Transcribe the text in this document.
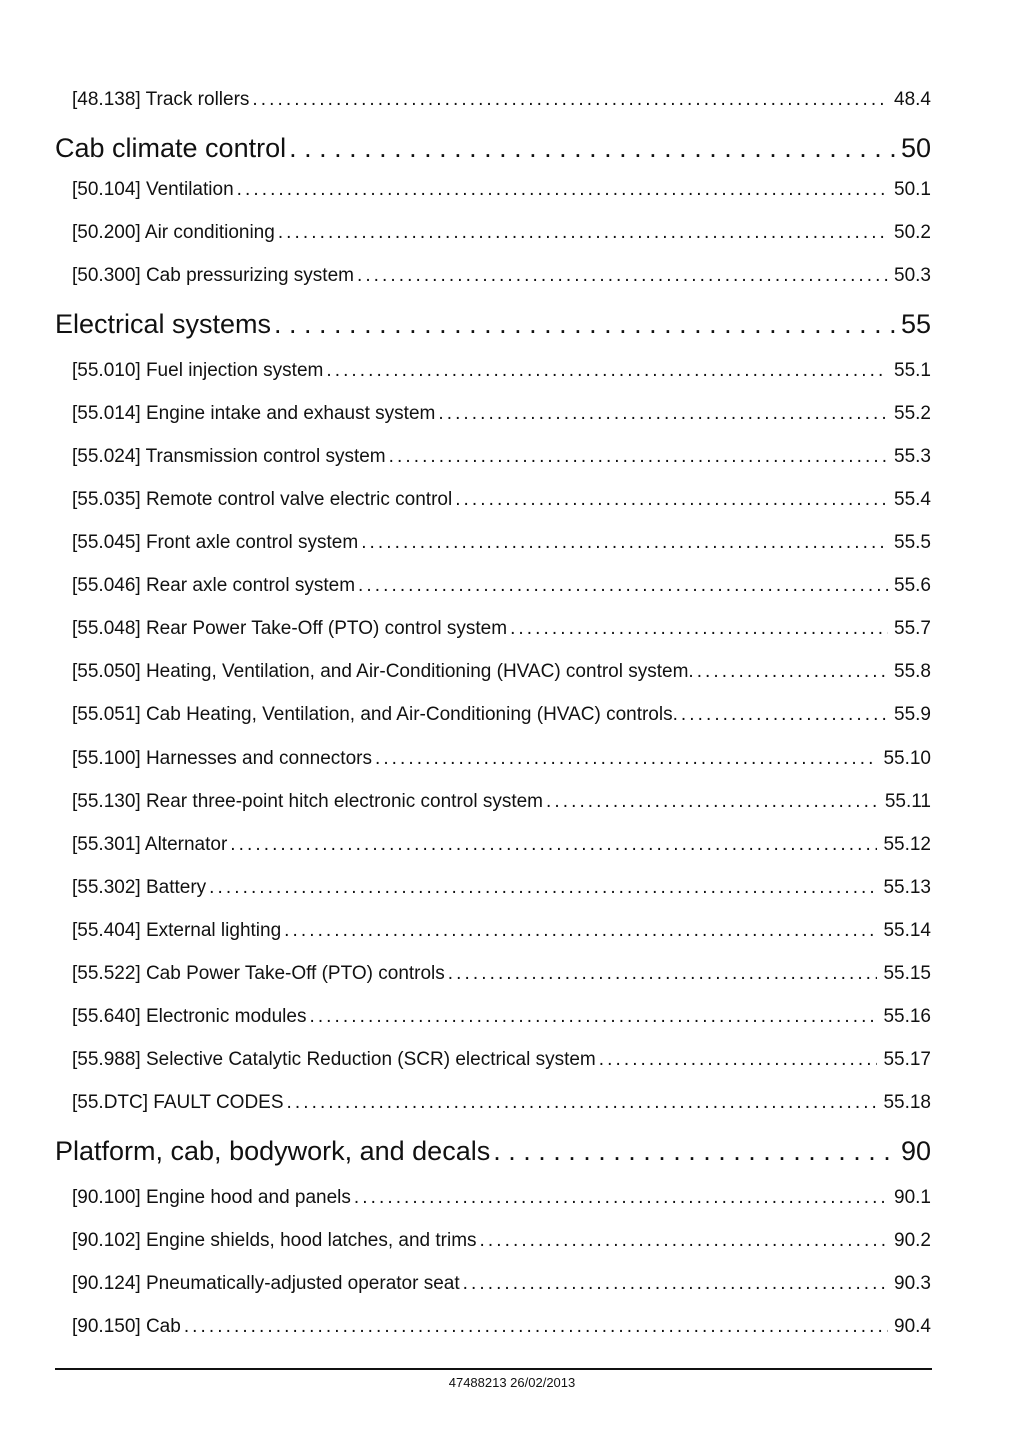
[48.138] Track rollers . . .	48.4
Cab climate control . . .	50
[50.104] Ventilation . . .	50.1
[50.200] Air conditioning . . .	50.2
[50.300] Cab pressurizing system . . .	50.3
Electrical systems . . .	55
[55.010] Fuel injection system . . .	55.1
[55.014] Engine intake and exhaust system . . .	55.2
[55.024] Transmission control system . . .	55.3
[55.035] Remote control valve electric control . . .	55.4
[55.045] Front axle control system . . .	55.5
[55.046] Rear axle control system . . .	55.6
[55.048] Rear Power Take-Off (PTO) control system . . .	55.7
[55.050] Heating, Ventilation, and Air-Conditioning (HVAC) control system. . . .	55.8
[55.051] Cab Heating, Ventilation, and Air-Conditioning (HVAC) controls. . . .	55.9
[55.100] Harnesses and connectors . . .	55.10
[55.130] Rear three-point hitch electronic control system . . .	55.11
[55.301] Alternator . . .	55.12
[55.302] Battery . . .	55.13
[55.404] External lighting . . .	55.14
[55.522] Cab Power Take-Off (PTO) controls . . .	55.15
[55.640] Electronic modules . . .	55.16
[55.988] Selective Catalytic Reduction (SCR) electrical system . . .	55.17
[55.DTC] FAULT CODES . . .	55.18
Platform, cab, bodywork, and decals . . .	90
[90.100] Engine hood and panels . . .	90.1
[90.102] Engine shields, hood latches, and trims . . .	90.2
[90.124] Pneumatically-adjusted operator seat . . .	90.3
[90.150] Cab . . .	90.4
47488213 26/02/2013
